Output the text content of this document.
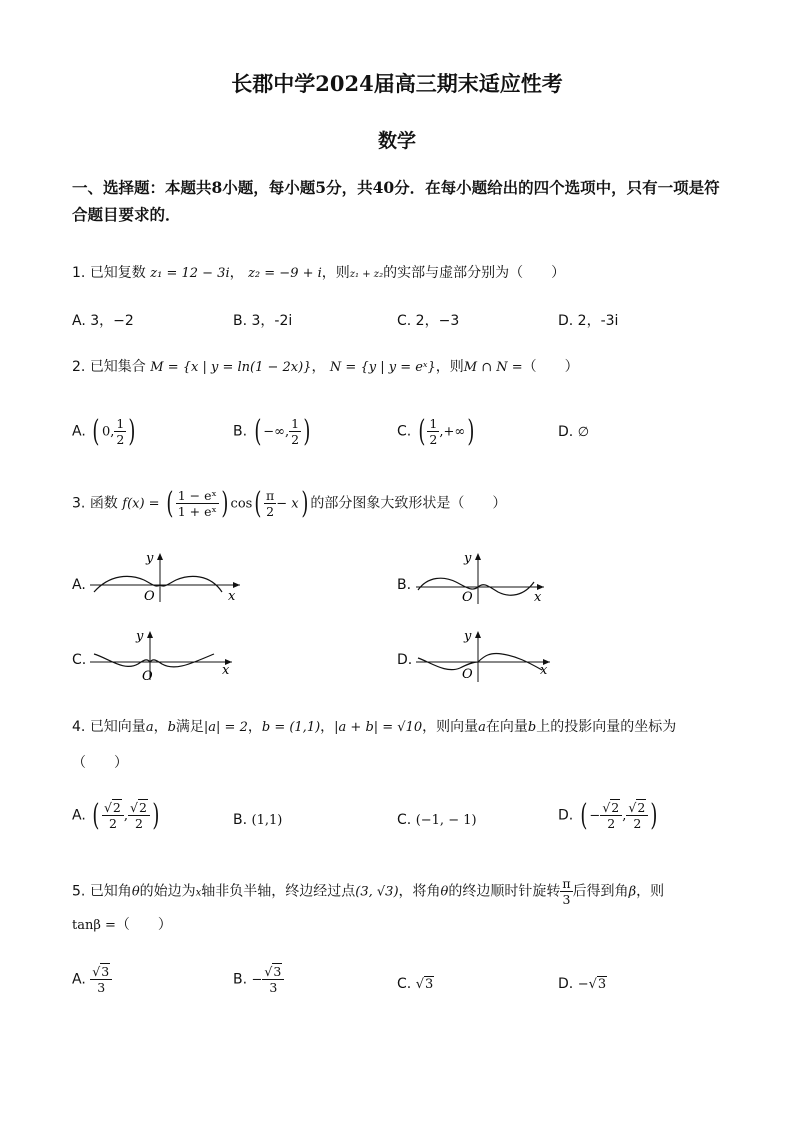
长郡中学2024届高三期末适应性考
数学
一、选择题：本题共8小题，每小题5分，共40分．在每小题给出的四个选项中，只有一项是符合题目要求的．
1. 已知复数 z₁ = 12 − 3i， z₂ = −9 + i，则z₁ + z₂的实部与虚部分别为（　　）
A. 3，−2	B. 3，-2i	C. 2，−3	D. 2，-3i
2. 已知集合 M = {x | y = ln(1 − 2x)}， N = {y | y = eˣ}，则M ∩ N =（　　）
A. ( 0, $\frac{1}{2}$ )	B. ( −∞, $\frac{1}{2}$ )	C. ( $\frac{1}{2}$ ,+∞)	D. ∅
3. 函数 f(x) = ( $\frac{\text{1 − eˣ}}{\text{1 + eˣ}}$ ) $\cos( \frac{\pi}{2} - x)$ 的部分图象大致形状是（　　）
A.
y
O	x
B.
y
O	x
C.
y
O	x
D.
y
O	x
4. 已知向量a，b满足|a| = 2，b = (1,1)，|a + b| = √10，则向量a在向量b上的投影向量的坐标为
（　　）
A. ( $\frac{√2}{2}$ , $\frac{√2}{2}$ )	B. (1,1)	C. (−1, − 1)	D. ( − $\frac{√2}{2}$ , $\frac{√2}{2}$ )
5. 已知角θ的始边为x轴非负半轴，终边经过点(3, √3)，将角θ的终边顺时针旋转 $\frac{\pi}{3}$ 后得到角β，则
tanβ =（　　）
A. $\frac{√3}{3}$	B. − $\frac{√3}{3}$	C. √3	D. −√3
